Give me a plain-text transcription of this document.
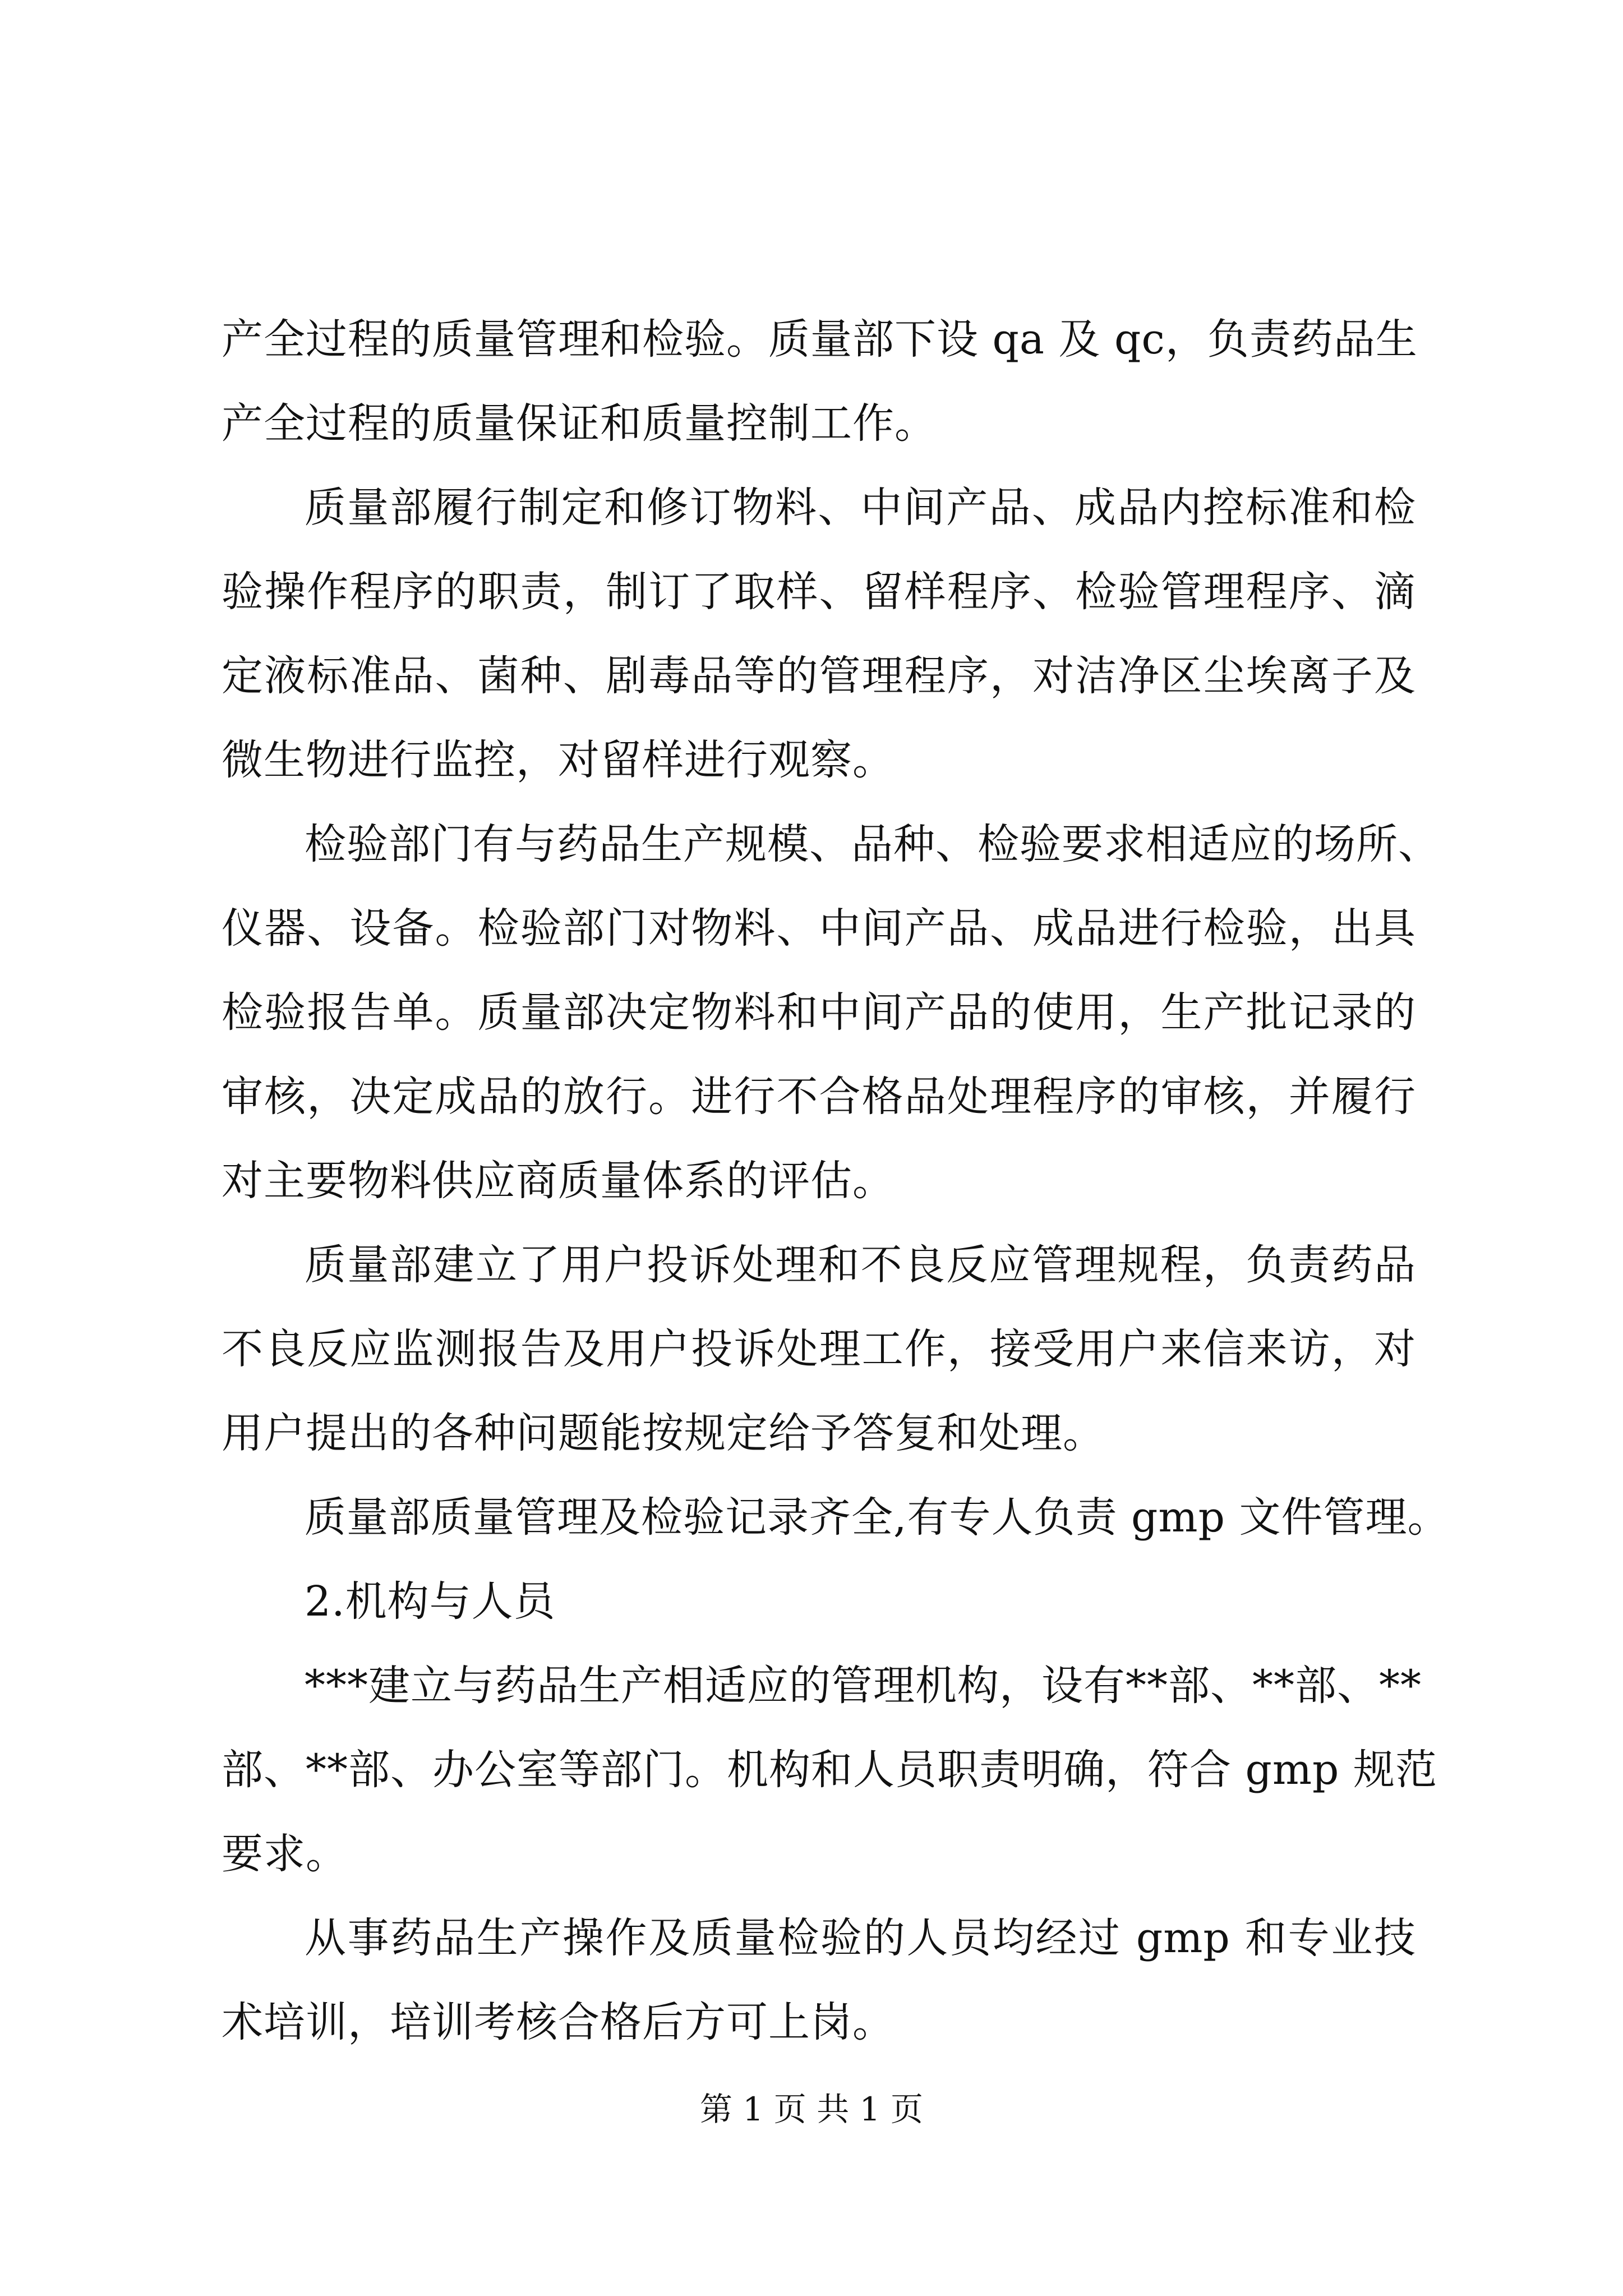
产全过程的质量管理和检验。质量部下设 qa 及 qc，负责药品生
产全过程的质量保证和质量控制工作。
质量部履行制定和修订物料、中间产品、成品内控标准和检
验操作程序的职责，制订了取样、留样程序、检验管理程序、滴
定液标准品、菌种、剧毒品等的管理程序，对洁净区尘埃离子及
微生物进行监控，对留样进行观察。
检验部门有与药品生产规模、品种、检验要求相适应的场所、
仪器、设备。检验部门对物料、中间产品、成品进行检验，出具
检验报告单。质量部决定物料和中间产品的使用，生产批记录的
审核，决定成品的放行。进行不合格品处理程序的审核，并履行
对主要物料供应商质量体系的评估。
质量部建立了用户投诉处理和不良反应管理规程，负责药品
不良反应监测报告及用户投诉处理工作，接受用户来信来访，对
用户提出的各种问题能按规定给予答复和处理。
质量部质量管理及检验记录齐全,有专人负责 gmp 文件管理。
2.机构与人员
***建立与药品生产相适应的管理机构，设有**部、**部、**
部、**部、办公室等部门。机构和人员职责明确，符合 gmp 规范
要求。
从事药品生产操作及质量检验的人员均经过 gmp 和专业技
术培训，培训考核合格后方可上岗。
第 1 页 共 1 页
